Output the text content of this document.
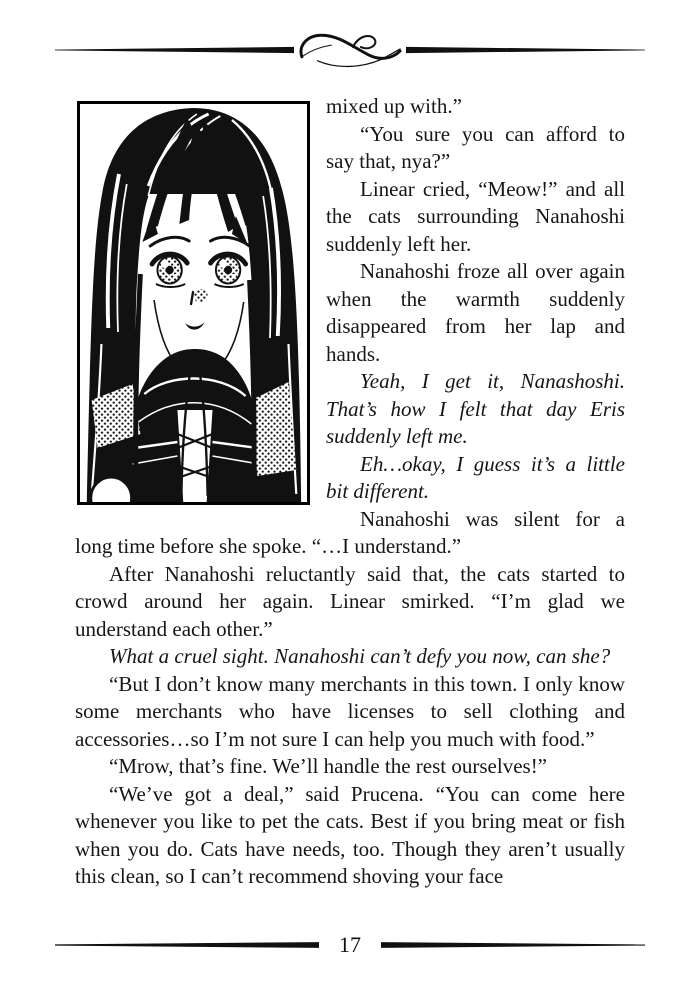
mixed up with.”

“You sure you can afford to say that, nya?”

Linear cried, “Meow!” and all the cats surrounding Nanahoshi suddenly left her.

Nanahoshi froze all over again when the warmth suddenly disappeared from her lap and hands.

Yeah, I get it, Nanashoshi. That’s how I felt that day Eris suddenly left me.

Eh…okay, I guess it’s a little bit different.

Nanahoshi was silent for a long time before she spoke. “…I understand.”

After Nanahoshi reluctantly said that, the cats started to crowd around her again. Linear smirked. “I’m glad we understand each other.”

What a cruel sight. Nanahoshi can’t defy you now, can she?

“But I don’t know many merchants in this town. I only know some merchants who have licenses to sell clothing and accessories…so I’m not sure I can help you much with food.”

“Mrow, that’s fine. We’ll handle the rest ourselves!”

“We’ve got a deal,” said Prucena. “You can come here whenever you like to pet the cats. Best if you bring meat or fish when you do. Cats have needs, too. Though they aren’t usually this clean, so I can’t recommend shoving your face

17
